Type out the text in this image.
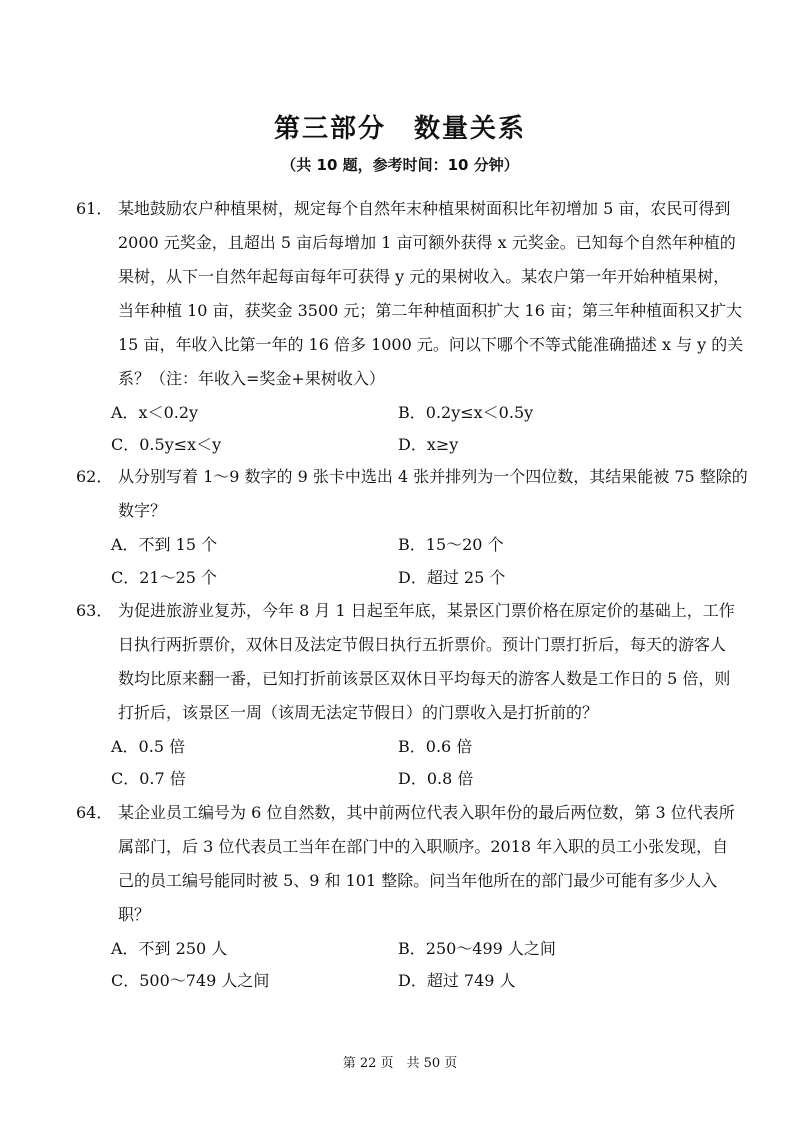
第三部分　数量关系
（共 10 题，参考时间：10 分钟）
61． 某地鼓励农户种植果树，规定每个自然年末种植果树面积比年初增加 5 亩，农民可得到
2000 元奖金，且超出 5 亩后每增加 1 亩可额外获得 x 元奖金。已知每个自然年种植的
果树，从下一自然年起每亩每年可获得 y 元的果树收入。某农户第一年开始种植果树，
当年种植 10 亩，获奖金 3500 元；第二年种植面积扩大 16 亩；第三年种植面积又扩大
15 亩，年收入比第一年的 16 倍多 1000 元。问以下哪个不等式能准确描述 x 与 y 的关
系？（注：年收入=奖金+果树收入）
A．x＜0.2y	B．0.2y≤x＜0.5y
C．0.5y≤x＜y	D．x≥y
62． 从分别写着 1～9 数字的 9 张卡中选出 4 张并排列为一个四位数，其结果能被 75 整除的
数字？
A．不到 15 个	B．15～20 个
C．21～25 个	D．超过 25 个
63． 为促进旅游业复苏，今年 8 月 1 日起至年底，某景区门票价格在原定价的基础上，工作
日执行两折票价，双休日及法定节假日执行五折票价。预计门票打折后，每天的游客人
数均比原来翻一番，已知打折前该景区双休日平均每天的游客人数是工作日的 5 倍，则
打折后，该景区一周（该周无法定节假日）的门票收入是打折前的？
A．0.5 倍	B．0.6 倍
C．0.7 倍	D．0.8 倍
64． 某企业员工编号为 6 位自然数，其中前两位代表入职年份的最后两位数，第 3 位代表所
属部门，后 3 位代表员工当年在部门中的入职顺序。2018 年入职的员工小张发现，自
己的员工编号能同时被 5、9 和 101 整除。问当年他所在的部门最少可能有多少人入
职？
A．不到 250 人	B．250～499 人之间
C．500～749 人之间	D．超过 749 人
第 22 页　共 50 页
